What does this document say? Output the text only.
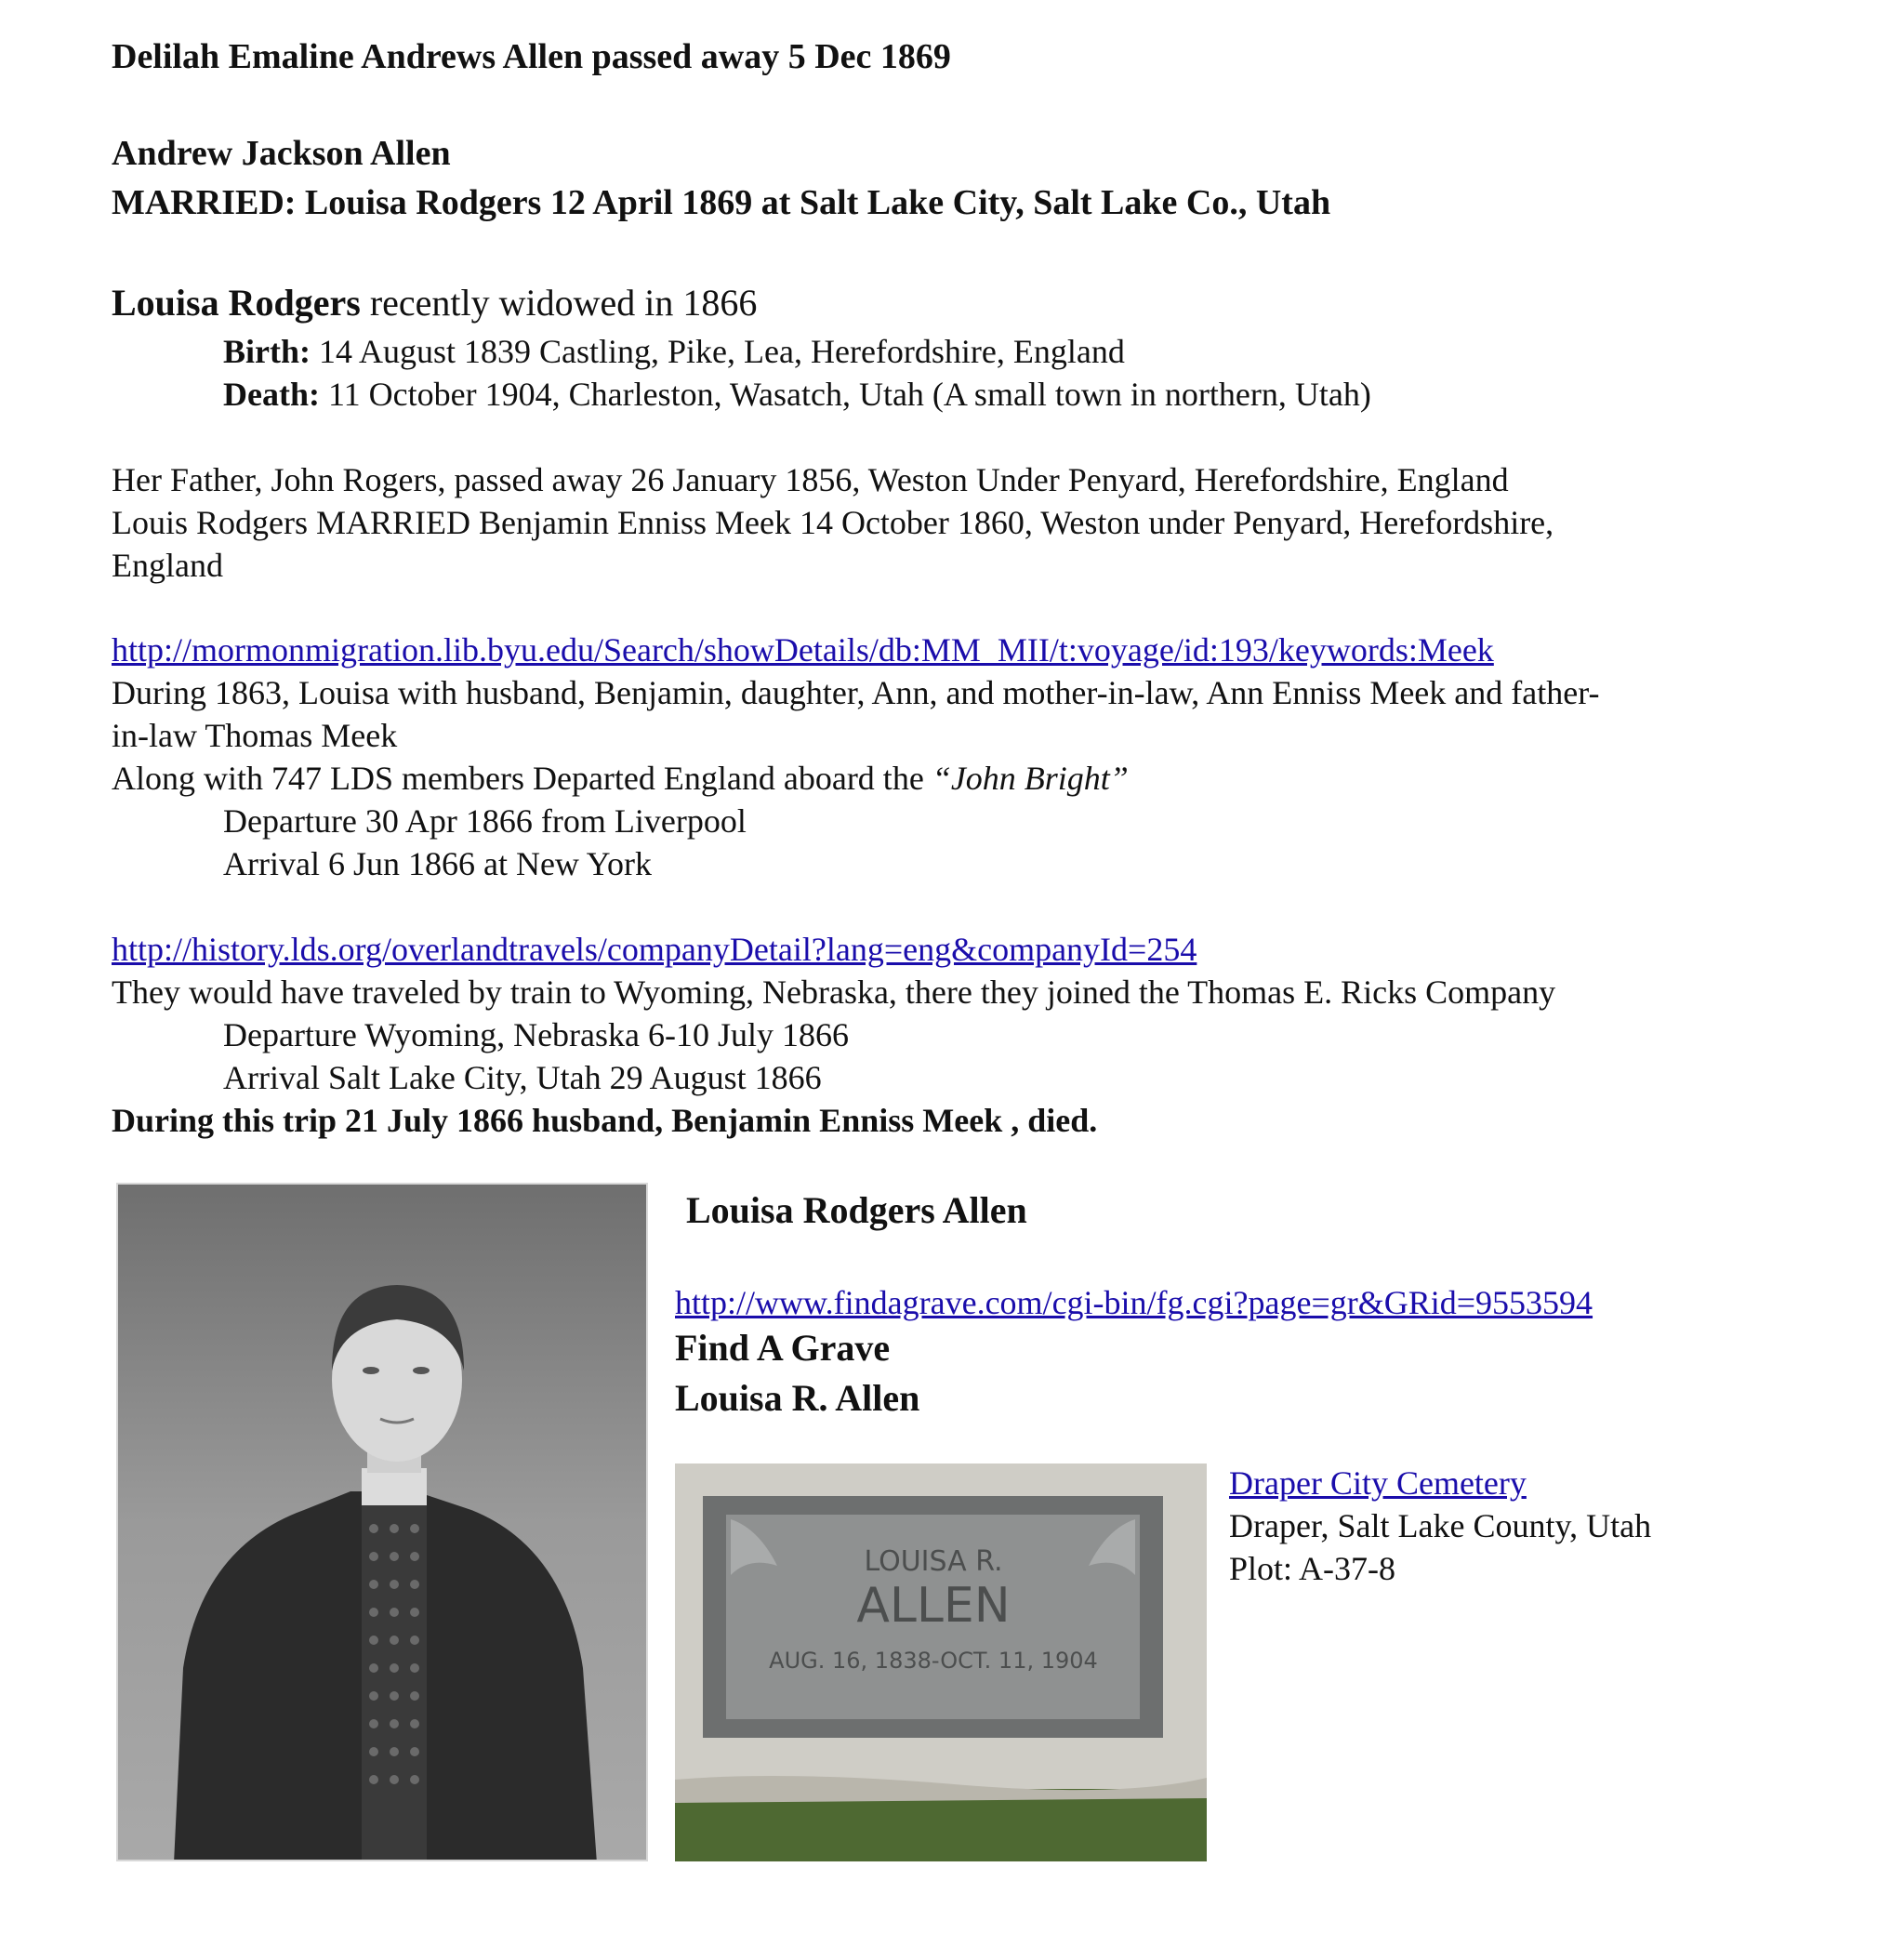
Delilah Emaline Andrews Allen passed away 5 Dec 1869
Andrew Jackson Allen
MARRIED: Louisa Rodgers 12 April 1869 at Salt Lake City, Salt Lake Co., Utah
Louisa Rodgers recently widowed in 1866
Birth: 14 August 1839 Castling, Pike, Lea, Herefordshire, England
Death: 11 October 1904, Charleston, Wasatch, Utah (A small town in northern, Utah)
Her Father, John Rogers, passed away 26 January 1856, Weston Under Penyard, Herefordshire, England
Louis Rodgers MARRIED Benjamin Enniss Meek 14 October 1860, Weston under Penyard, Herefordshire,
England
http://mormonmigration.lib.byu.edu/Search/showDetails/db:MM_MII/t:voyage/id:193/keywords:Meek
During 1863, Louisa with husband, Benjamin, daughter, Ann, and mother-in-law, Ann Enniss Meek and father-
in-law Thomas Meek
Along with 747 LDS members Departed England aboard the “John Bright”
Departure 30 Apr 1866 from Liverpool
Arrival 6 Jun 1866 at New York
http://history.lds.org/overlandtravels/companyDetail?lang=eng&companyId=254
They would have traveled by train to Wyoming, Nebraska, there they joined the Thomas E. Ricks Company
Departure Wyoming, Nebraska 6-10 July 1866
Arrival Salt Lake City, Utah 29 August 1866
During this trip 21 July 1866 husband, Benjamin Enniss Meek , died.
Louisa Rodgers Allen
http://www.findagrave.com/cgi-bin/fg.cgi?page=gr&GRid=9553594
Find A Grave
Louisa R. Allen
LOUISA R.
ALLEN
AUG. 16, 1838-OCT. 11, 1904
Draper City Cemetery
Draper, Salt Lake County, Utah
Plot: A-37-8
